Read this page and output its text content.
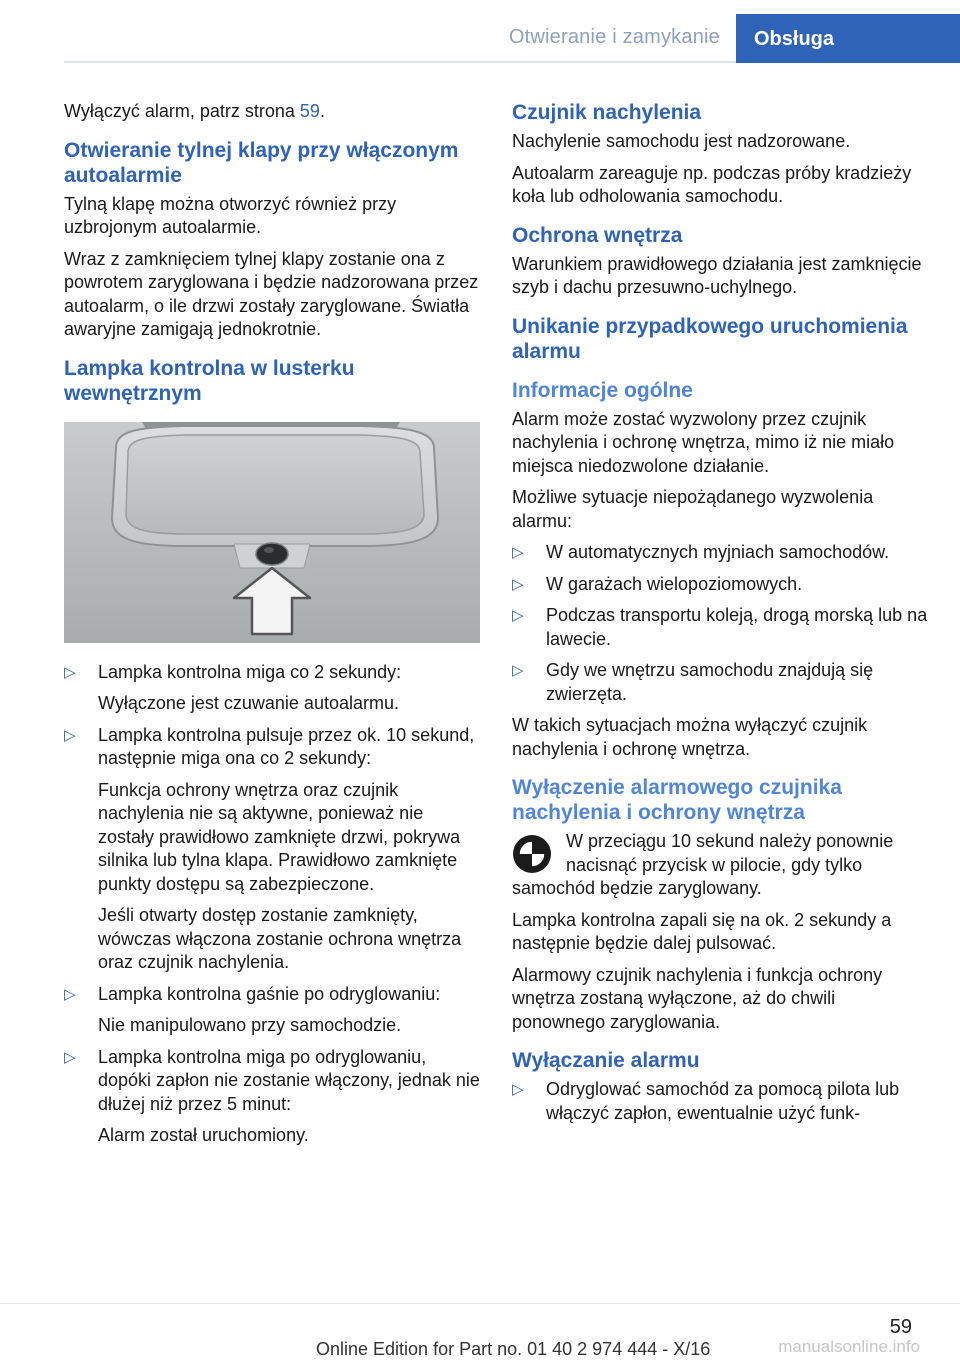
Otwieranie i zamykanie	Obsługa

Wyłączyć alarm, patrz strona 59.

Otwieranie tylnej klapy przy włączonym autoalarmie

Tylną klapę można otworzyć również przy uzbrojonym autoalarmie.

Wraz z zamknięciem tylnej klapy zostanie ona z powrotem zaryglowana i będzie nadzorowana przez autoalarm, o ile drzwi zostały zaryglowane. Światła awaryjne zamigają jednokrotnie.

Lampka kontrolna w lusterku wewnętrznym
▷ Lampka kontrolna miga co 2 sekundy:
Wyłączone jest czuwanie autoalarmu.
▷ Lampka kontrolna pulsuje przez ok. 10 sekund, następnie miga ona co 2 sekundy:
Funkcja ochrony wnętrza oraz czujnik nachylenia nie są aktywne, ponieważ nie zostały prawidłowo zamknięte drzwi, pokrywa silnika lub tylna klapa. Prawidłowo zamknięte punkty dostępu są zabezpieczone.
Jeśli otwarty dostęp zostanie zamknięty, wówczas włączona zostanie ochrona wnętrza oraz czujnik nachylenia.
▷ Lampka kontrolna gaśnie po odryglowaniu:
Nie manipulowano przy samochodzie.
▷ Lampka kontrolna miga po odryglowaniu, dopóki zapłon nie zostanie włączony, jednak nie dłużej niż przez 5 minut:
Alarm został uruchomiony.
Czujnik nachylenia

Nachylenie samochodu jest nadzorowane.

Autoalarm zareaguje np. podczas próby kradzieży koła lub odholowania samochodu.

Ochrona wnętrza

Warunkiem prawidłowego działania jest zamknięcie szyb i dachu przesuwno-uchylnego.

Unikanie przypadkowego uruchomienia alarmu
Informacje ogólne

Alarm może zostać wyzwolony przez czujnik nachylenia i ochronę wnętrza, mimo iż nie miało miejsca niedozwolone działanie.

Możliwe sytuacje niepożądanego wyzwolenia alarmu:

▷ W automatycznych myjniach samochodów.
▷ W garażach wielopoziomowych.
▷ Podczas transportu koleją, drogą morską lub na lawecie.
▷ Gdy we wnętrzu samochodu znajdują się zwierzęta.

W takich sytuacjach można wyłączyć czujnik nachylenia i ochronę wnętrza.

Wyłączenie alarmowego czujnika nachylenia i ochrony wnętrza

W przeciągu 10 sekund należy ponownie nacisnąć przycisk w pilocie, gdy tylko samochód będzie zaryglowany.

Lampka kontrolna zapali się na ok. 2 sekundy a następnie będzie dalej pulsować.

Alarmowy czujnik nachylenia i funkcja ochrony wnętrza zostaną wyłączone, aż do chwili ponownego zaryglowania.

Wyłączanie alarmu
▷ Odryglować samochód za pomocą pilota lub włączyć zapłon, ewentualnie użyć funk-
59
Online Edition for Part no. 01 40 2 974 444 - X/16	manualsonline.info
